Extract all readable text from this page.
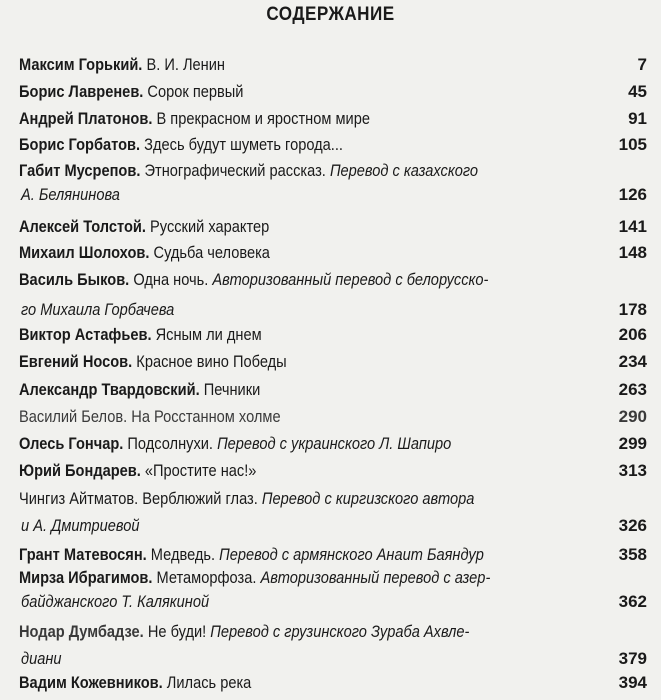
СОДЕРЖАНИЕ
Максим Горький. В. И. Ленин	7
Борис Лавренев. Сорок первый	45
Андрей Платонов. В прекрасном и яростном мире	91
Борис Горбатов. Здесь будут шуметь города...	105
Габит Мусрепов. Этнографический рассказ. Перевод с казахского
А. Белянинова	126
Алексей Толстой. Русский характер	141
Михаил Шолохов. Судьба человека	148
Василь Быков. Одна ночь. Авторизованный перевод с белорусско-
го Михаила Горбачева	178
Виктор Астафьев. Ясным ли днем	206
Евгений Носов. Красное вино Победы	234
Александр Твардовский. Печники	263
Василий Белов. На Росстанном холме	290
Олесь Гончар. Подсолнухи. Перевод с украинского Л. Шапиро	299
Юрий Бондарев. «Простите нас!»	313
Чингиз Айтматов. Верблюжий глаз. Перевод с киргизского автора
и А. Дмитриевой	326
Грант Матевосян. Медведь. Перевод с армянского Анаит Баяндур	358
Мирза Ибрагимов. Метаморфоза. Авторизованный перевод с азер-
байджанского Т. Калякиной	362
Нодар Думбадзе. Не буди! Перевод с грузинского Зураба Ахвле-
диани	379
Вадим Кожевников. Лилась река	394
